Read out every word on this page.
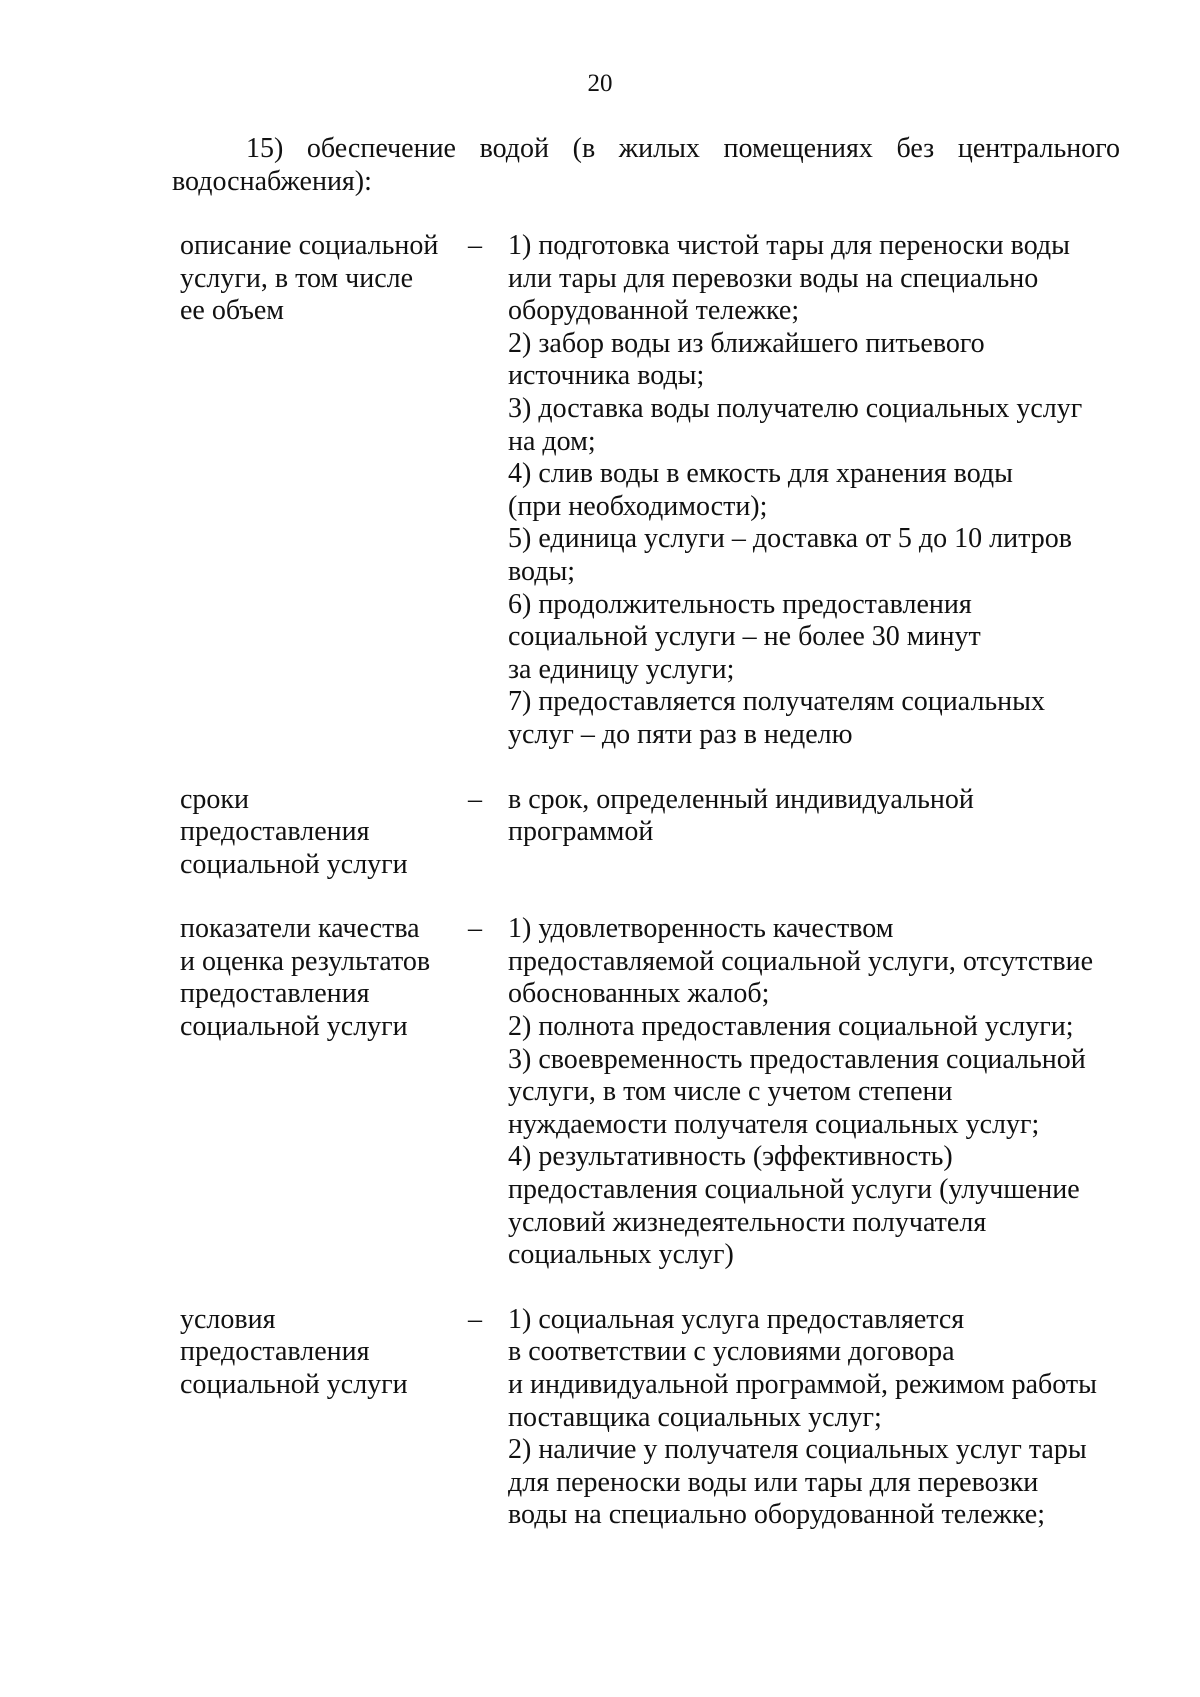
20
15) обеспечение водой (в жилых помещениях без центрального
водоснабжения):
описание социальной
услуги, в том числе
ее объем
– 1) подготовка чистой тары для переноски воды
или тары для перевозки воды на специально
оборудованной тележке;
2) забор воды из ближайшего питьевого
источника воды;
3) доставка воды получателю социальных услуг
на дом;
4) слив воды в емкость для хранения воды
(при необходимости);
5) единица услуги – доставка от 5 до 10 литров
воды;
6) продолжительность предоставления
социальной услуги – не более 30 минут
за единицу услуги;
7) предоставляется получателям социальных
услуг – до пяти раз в неделю
сроки
предоставления
социальной услуги
– в срок, определенный индивидуальной
программой
показатели качества
и оценка результатов
предоставления
социальной услуги
– 1) удовлетворенность качеством
предоставляемой социальной услуги, отсутствие
обоснованных жалоб;
2) полнота предоставления социальной услуги;
3) своевременность предоставления социальной
услуги, в том числе с учетом степени
нуждаемости получателя социальных услуг;
4) результативность (эффективность)
предоставления социальной услуги (улучшение
условий жизнедеятельности получателя
социальных услуг)
условия
предоставления
социальной услуги
– 1) социальная услуга предоставляется
в соответствии с условиями договора
и индивидуальной программой, режимом работы
поставщика социальных услуг;
2) наличие у получателя социальных услуг тары
для переноски воды или тары для перевозки
воды на специально оборудованной тележке;
